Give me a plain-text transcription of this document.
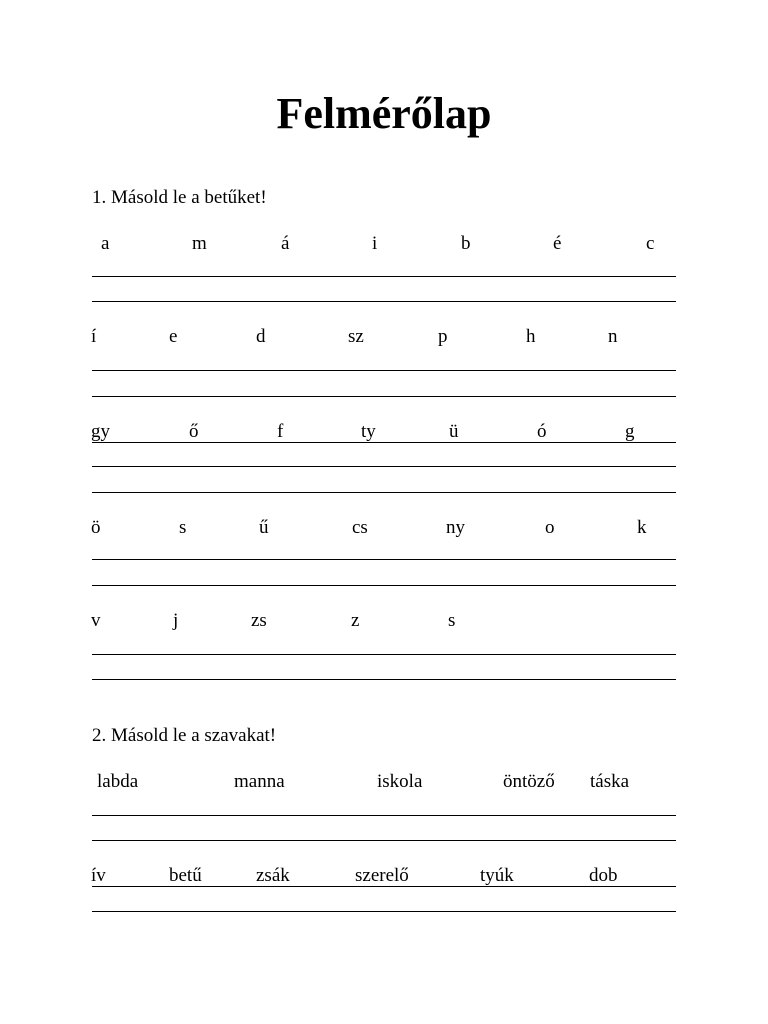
Felmérőlap
1. Másold le a betűket!
a	m	á	i	b	é	c
í	e	d	sz	p	h	n
gy	ő	f	ty	ü	ó	g
ö	s	ű	cs	ny	o	k
v	j	zs	z	s
2. Másold le a szavakat!
labda	manna	iskola	öntöző táska
ív	betű	zsák	szerelő	tyúk	dob
